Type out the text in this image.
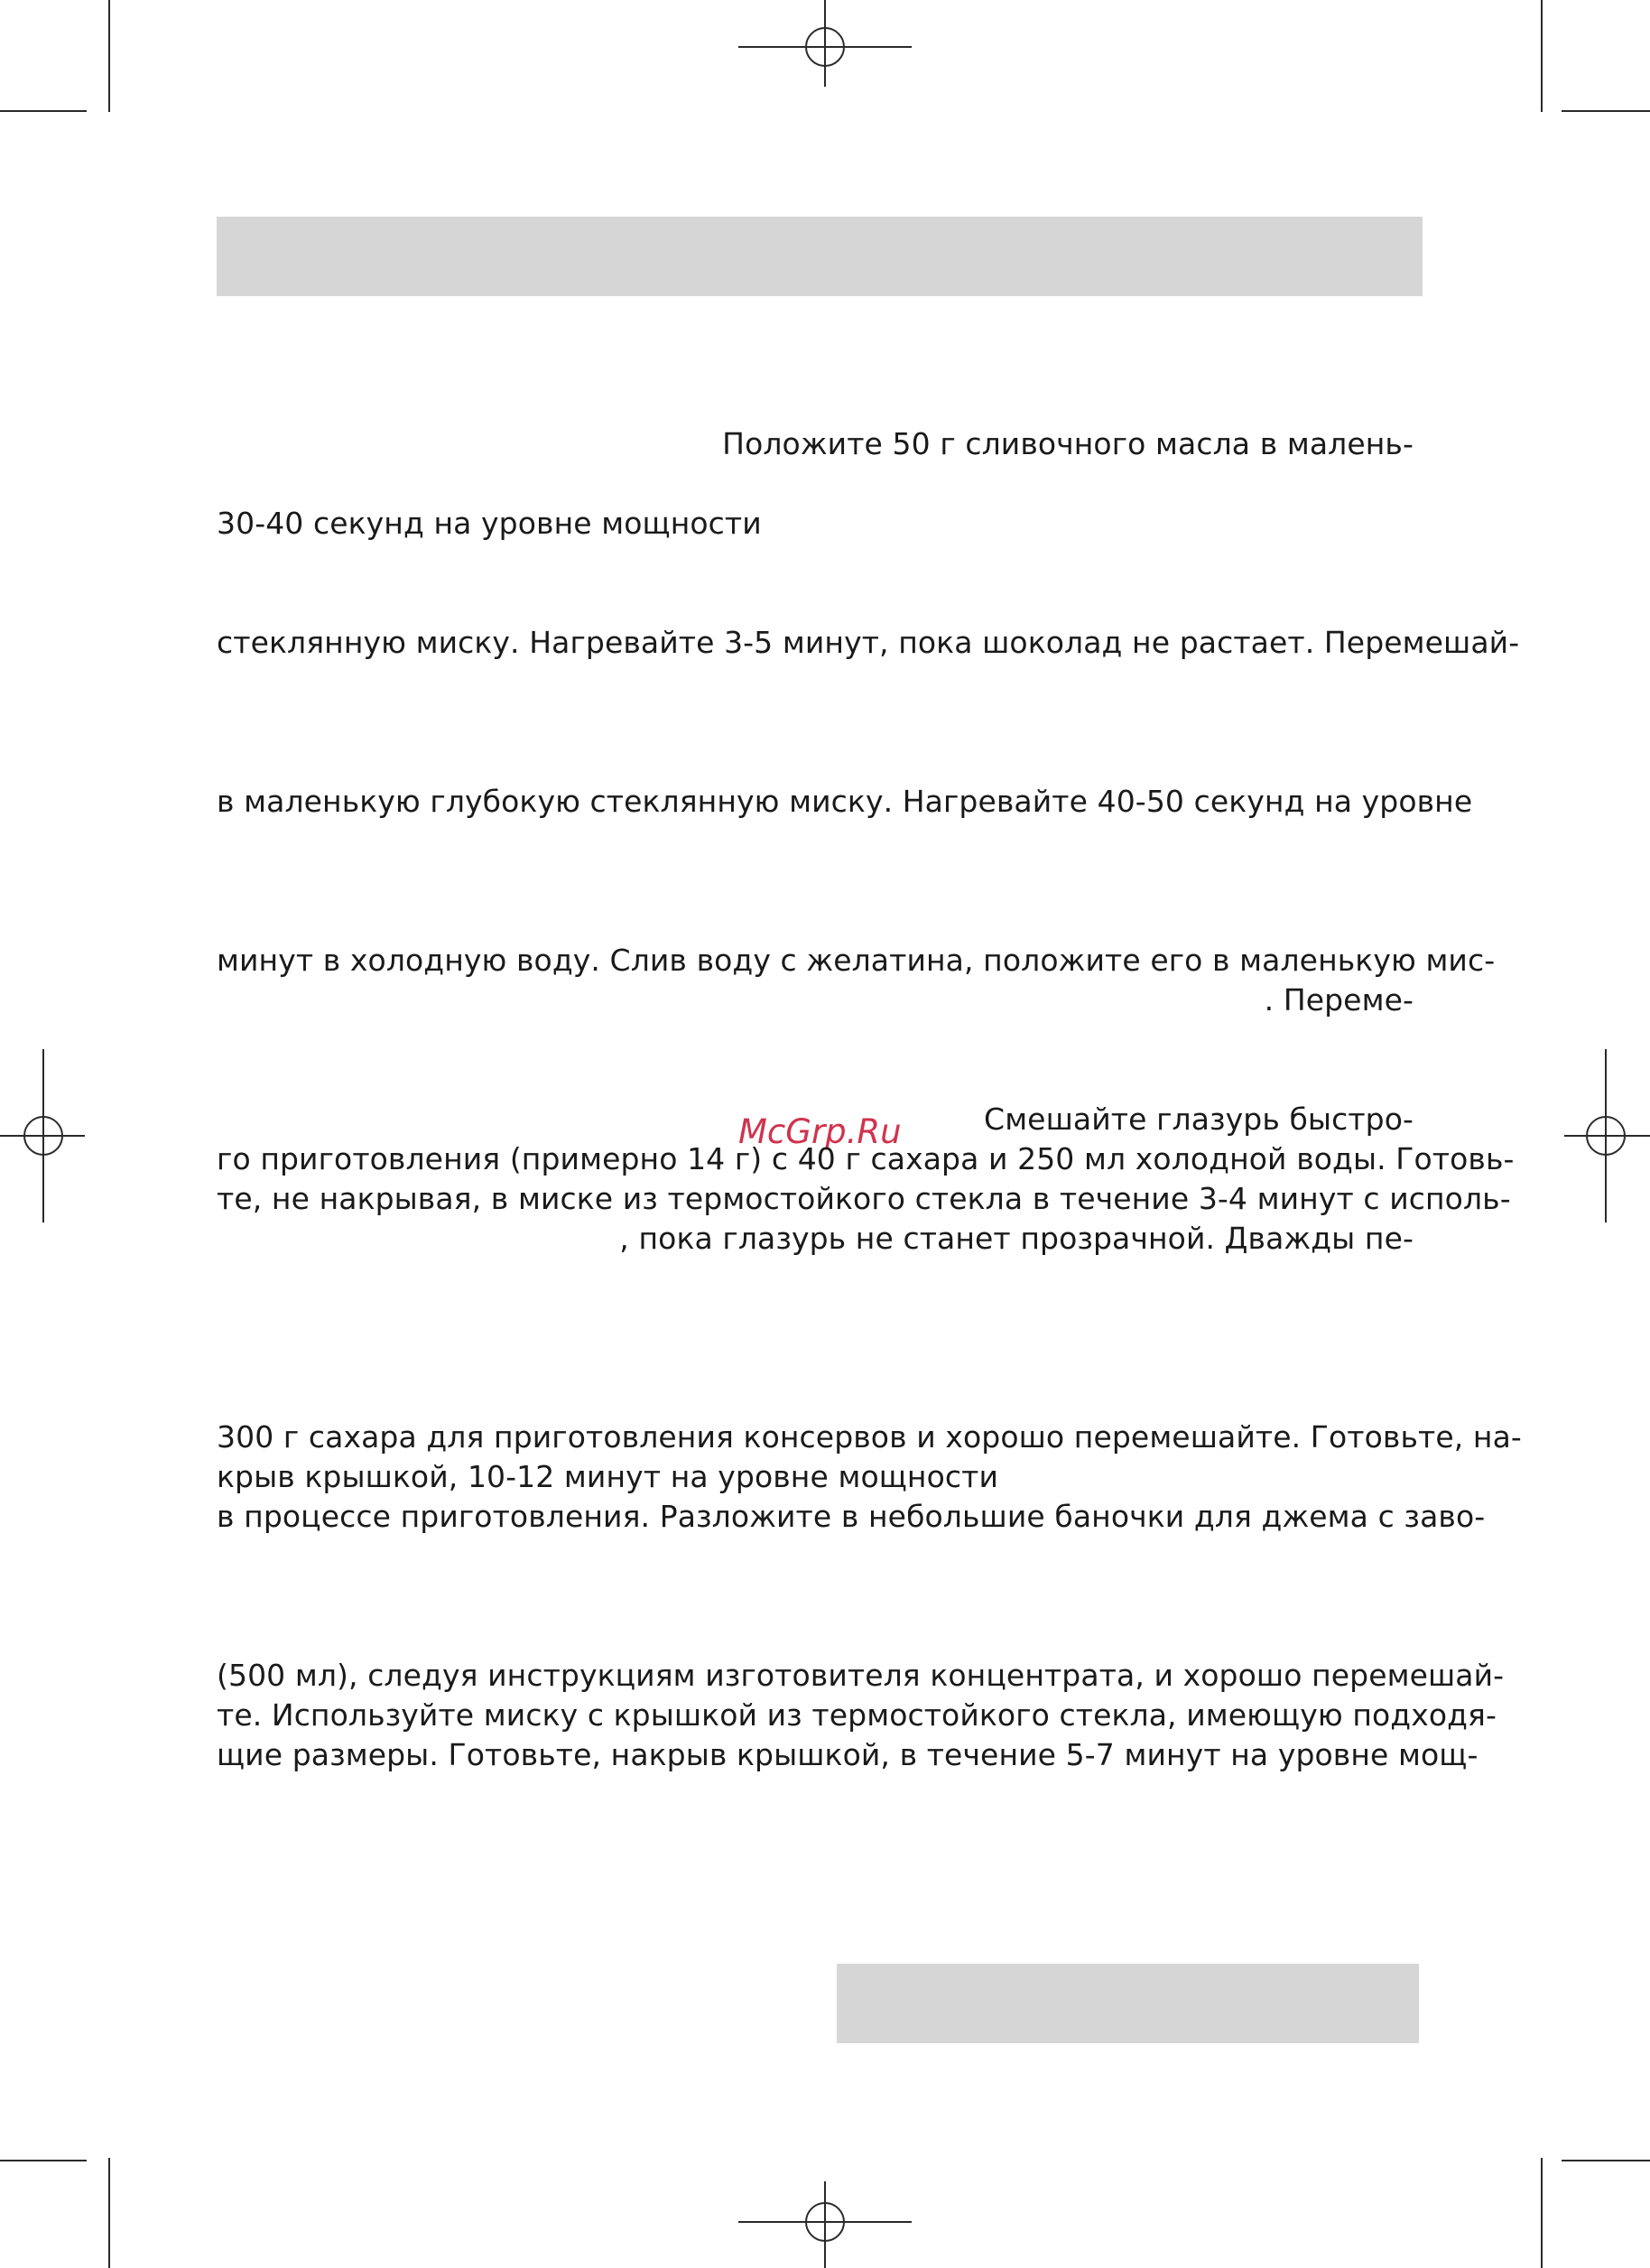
McGrp.Ru
Положите 50 г сливочного масла в малень-
30-40 секунд на уровне мощности
стеклянную миску. Нагревайте 3-5 минут, пока шоколад не растает. Перемешай-
в маленькую глубокую стеклянную миску. Нагревайте 40-50 секунд на уровне
минут в холодную воду. Слив воду с желатина, положите его в маленькую мис-
. Переме-
Смешайте глазурь быстро-
го приготовления (примерно 14 г) с 40 г сахара и 250 мл холодной воды. Готовь-
те, не накрывая, в миске из термостойкого стекла в течение 3-4 минут с исполь-
, пока глазурь не станет прозрачной. Дважды пе-
300 г сахара для приготовления консервов и хорошо перемешайте. Готовьте, на-
крыв крышкой, 10-12 минут на уровне мощности
в процессе приготовления. Разложите в небольшие баночки для джема с заво-
(500 мл), следуя инструкциям изготовителя концентрата, и хорошо перемешай-
те. Используйте миску с крышкой из термостойкого стекла, имеющую подходя-
щие размеры. Готовьте, накрыв крышкой, в течение 5-7 минут на уровне мощ-
